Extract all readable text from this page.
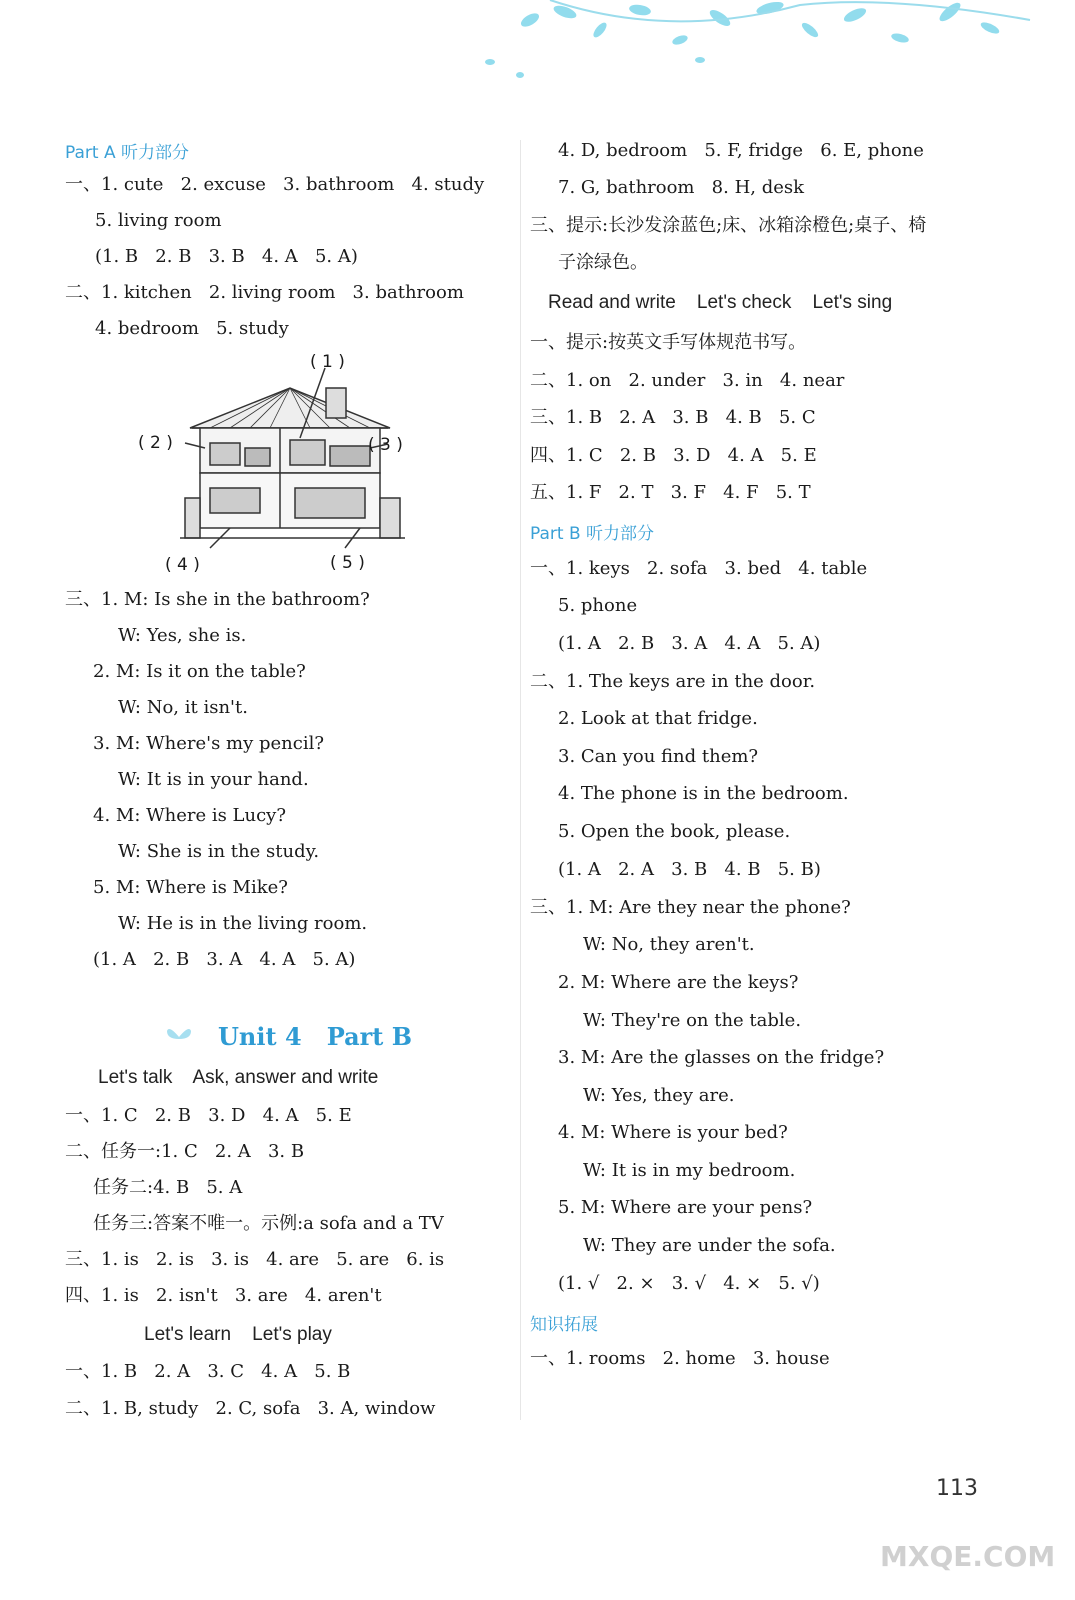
Part A 听力部分
一、1. cute   2. excuse   3. bathroom   4. study
5. living room
(1. B   2. B   3. B   4. A   5. A)
二、1. kitchen   2. living room   3. bathroom
4. bedroom   5. study
( 1 )
( 2 )	( 3 )
( 4 )	( 5 )
三、1. M: Is she in the bathroom?
W: Yes, she is.
2. M: Is it on the table?
W: No, it isn't.
3. M: Where's my pencil?
W: It is in your hand.
4. M: Where is Lucy?
W: She is in the study.
5. M: Where is Mike?
W: He is in the living room.
(1. A   2. B   3. A   4. A   5. A)
Unit 4   Part B
Let's talk    Ask, answer and write
一、1. C   2. B   3. D   4. A   5. E
二、任务一:1. C   2. A   3. B
任务二:4. B   5. A
任务三:答案不唯一。示例:a sofa and a TV
三、1. is   2. is   3. is   4. are   5. are   6. is
四、1. is   2. isn't   3. are   4. aren't
Let's learn    Let's play
一、1. B   2. A   3. C   4. A   5. B
二、1. B, study   2. C, sofa   3. A, window
4. D, bedroom   5. F, fridge   6. E, phone
7. G, bathroom   8. H, desk
三、提示:长沙发涂蓝色;床、冰箱涂橙色;桌子、椅
子涂绿色。
Read and write    Let's check    Let's sing
一、提示:按英文手写体规范书写。
二、1. on   2. under   3. in   4. near
三、1. B   2. A   3. B   4. B   5. C
四、1. C   2. B   3. D   4. A   5. E
五、1. F   2. T   3. F   4. F   5. T
Part B 听力部分
一、1. keys   2. sofa   3. bed   4. table
5. phone
(1. A   2. B   3. A   4. A   5. A)
二、1. The keys are in the door.
2. Look at that fridge.
3. Can you find them?
4. The phone is in the bedroom.
5. Open the book, please.
(1. A   2. A   3. B   4. B   5. B)
三、1. M: Are they near the phone?
W: No, they aren't.
2. M: Where are the keys?
W: They're on the table.
3. M: Are the glasses on the fridge?
W: Yes, they are.
4. M: Where is your bed?
W: It is in my bedroom.
5. M: Where are your pens?
W: They are under the sofa.
(1. √   2. ×   3. √   4. ×   5. √)
知识拓展
一、1. rooms   2. home   3. house
113
MXQE.COM
